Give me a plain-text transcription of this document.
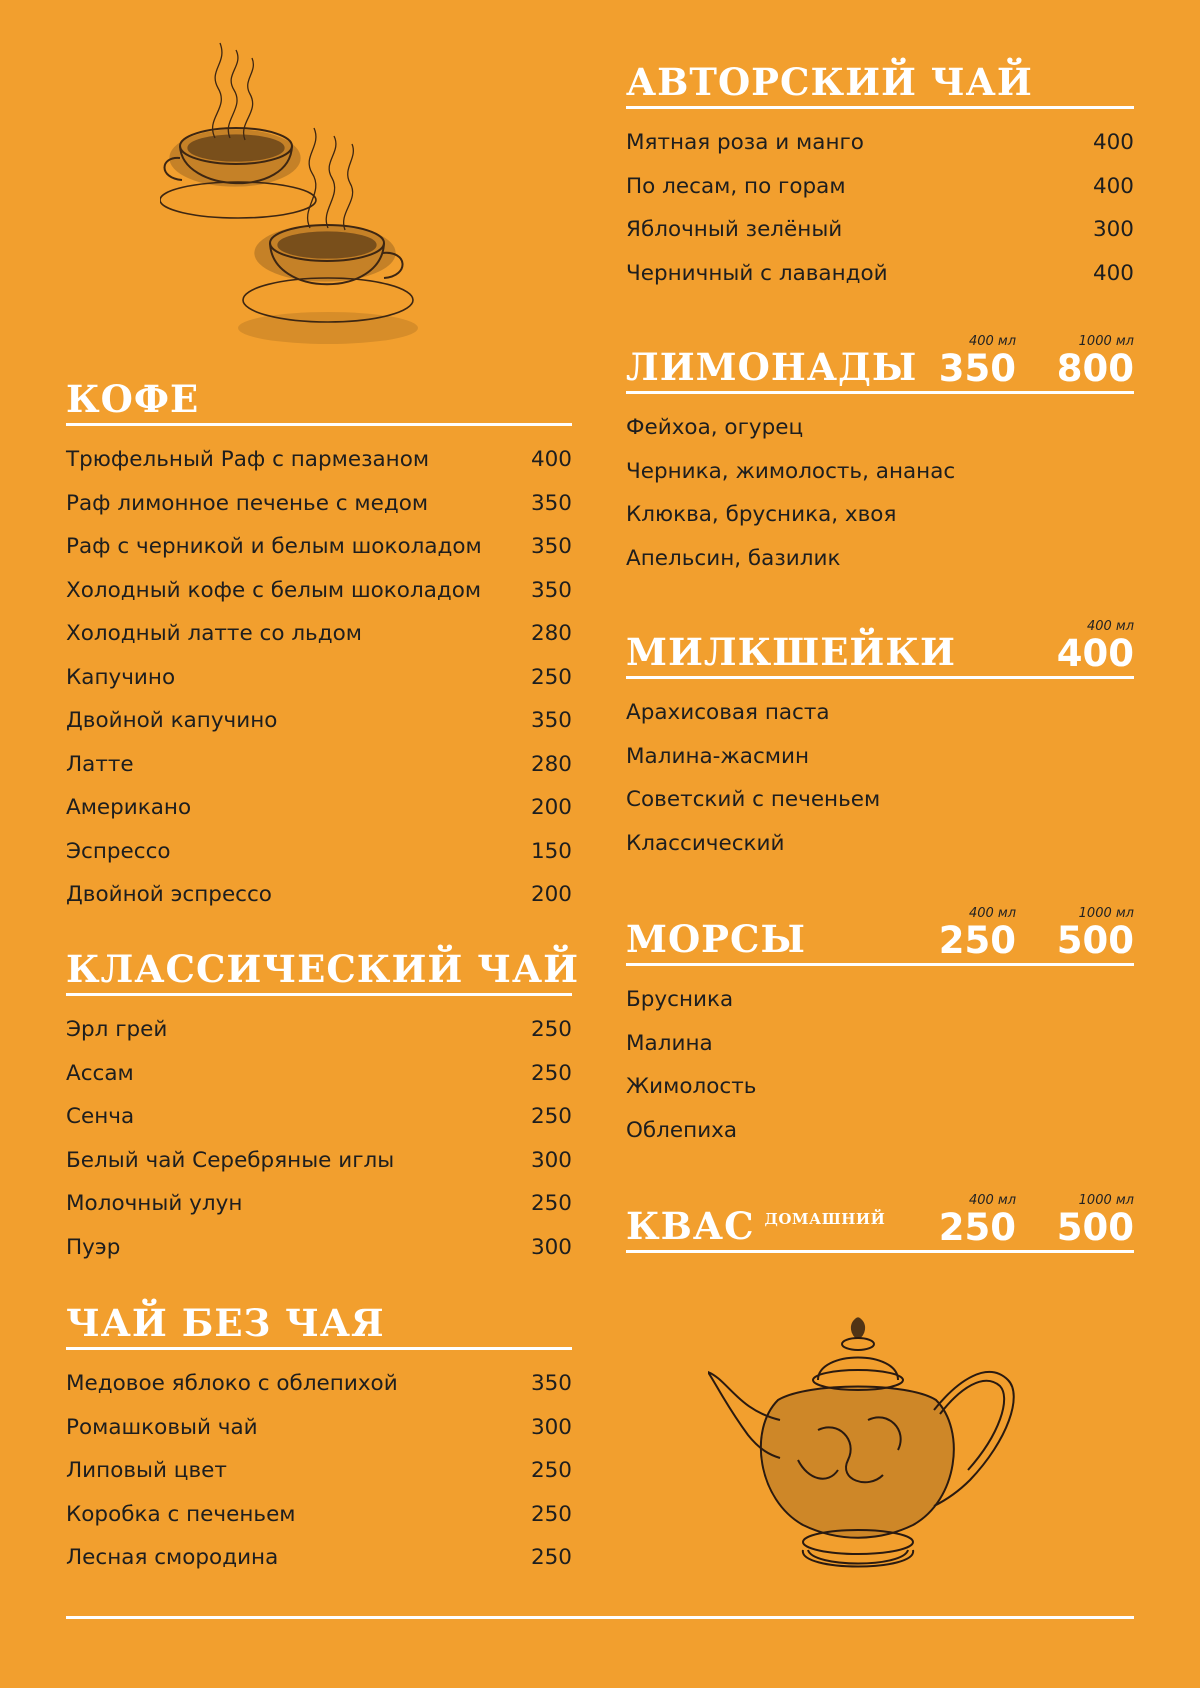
КОФЕ
Трюфельный Раф с пармезаном	400
Раф лимонное печенье с медом	350
Раф с черникой и белым шоколадом 350
Холодный кофе с белым шоколадом 350
Холодный латте со льдом	280
Капучино	250
Двойной капучино	350
Латте	280
Американо	200
Эспрессо	150
Двойной эспрессо	200
КЛАССИЧЕСКИЙ ЧАЙ
Эрл грей	250
Ассам	250
Сенча	250
Белый чай Серебряные иглы	300
Молочный улун	250
Пуэр	300
ЧАЙ БЕЗ ЧАЯ
Медовое яблоко с облепихой	350
Ромашковый чай	300
Липовый цвет	250
Коробка с печеньем	250
Лесная смородина	250
АВТОРСКИЙ ЧАЙ
Мятная роза и манго	400
По лесам, по горам	400
Яблочный зелёный	300
Черничный с лавандой	400
ЛИМОНАДЫ
400 мл
350
1000 мл
800
Фейхоа, огурец
Черника, жимолость, ананас
Клюква, брусника, хвоя
Апельсин, базилик
МИЛКШЕЙКИ
400 мл
400
Арахисовая паста
Малина-жасмин
Советский с печеньем
Классический
МОРСЫ
400 мл
250
1000 мл
500
Брусника
Малина
Жимолость
Облепиха
КВАС $^{ДОМАШНИЙ}$
400 мл
250
1000 мл
500
